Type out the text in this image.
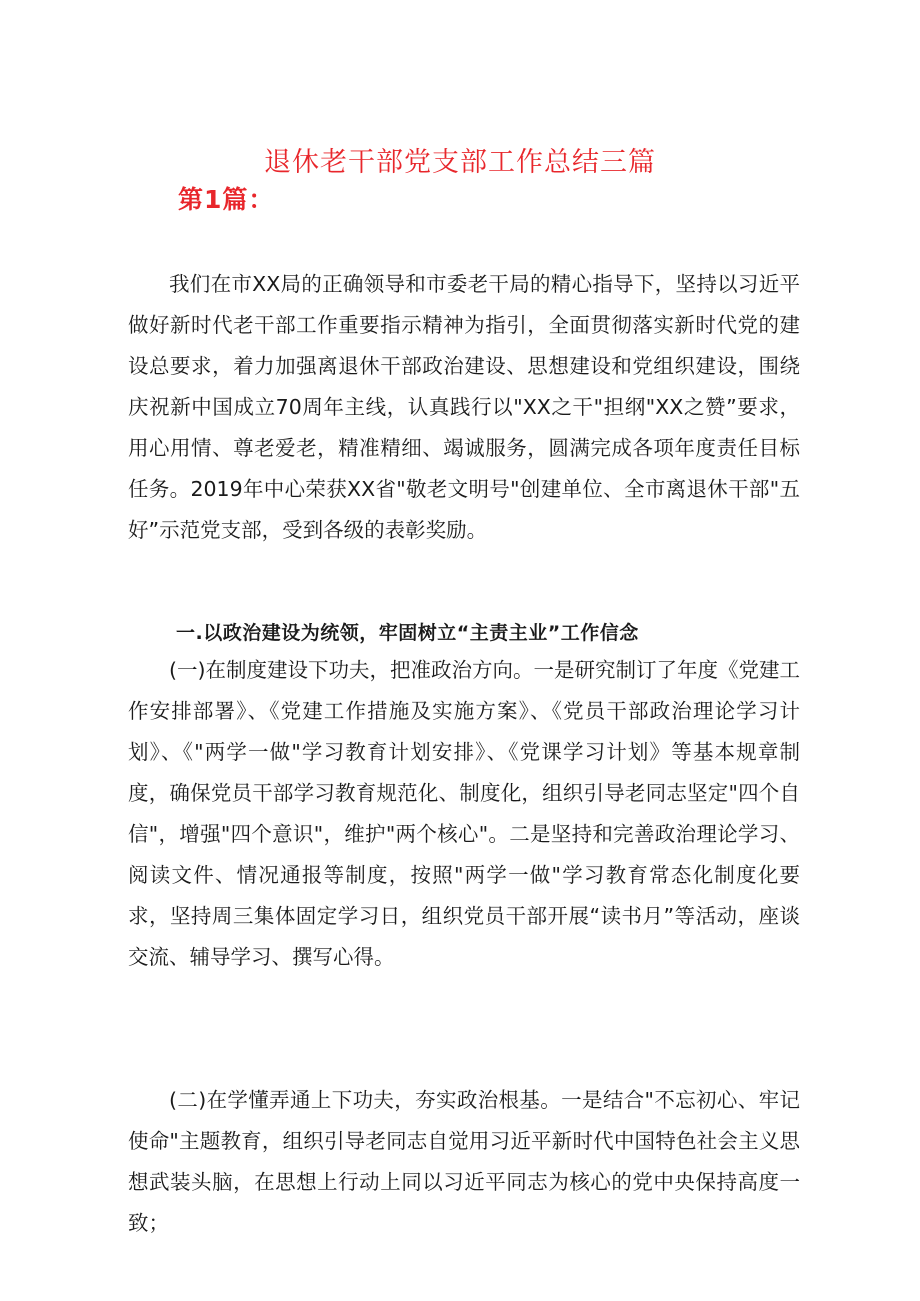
退休老干部党支部工作总结三篇
第1篇：

我们在市XX局的正确领导和市委老干局的精心指导下，坚持以习近平做好新时代老干部工作重要指示精神为指引，全面贯彻落实新时代党的建设总要求，着力加强离退休干部政治建设、思想建设和党组织建设，围绕庆祝新中国成立70周年主线，认真践行以"XX之干"担纲"XX之赞”要求，用心用情、尊老爱老，精准精细、竭诚服务，圆满完成各项年度责任目标任务。2019年中心荣获XX省"敬老文明号"创建单位、全市离退休干部"五好”示范党支部，受到各级的表彰奖励。

一.以政治建设为统领，牢固树立“主责主业”工作信念

(一)在制度建设下功夫，把准政治方向。一是研究制订了年度《党建工作安排部署》、《党建工作措施及实施方案》、《党员干部政治理论学习计划》、《"两学一做"学习教育计划安排》、《党课学习计划》等基本规章制度，确保党员干部学习教育规范化、制度化，组织引导老同志坚定"四个自信"，增强"四个意识"，维护"两个核心"。二是坚持和完善政治理论学习、阅读文件、情况通报等制度，按照"两学一做"学习教育常态化制度化要求，坚持周三集体固定学习日，组织党员干部开展“读书月”等活动，座谈交流、辅导学习、撰写心得。

(二)在学懂弄通上下功夫，夯实政治根基。一是结合"不忘初心、牢记使命"主题教育，组织引导老同志自觉用习近平新时代中国特色社会主义思想武装头脑，在思想上行动上同以习近平同志为核心的党中央保持高度一致；
